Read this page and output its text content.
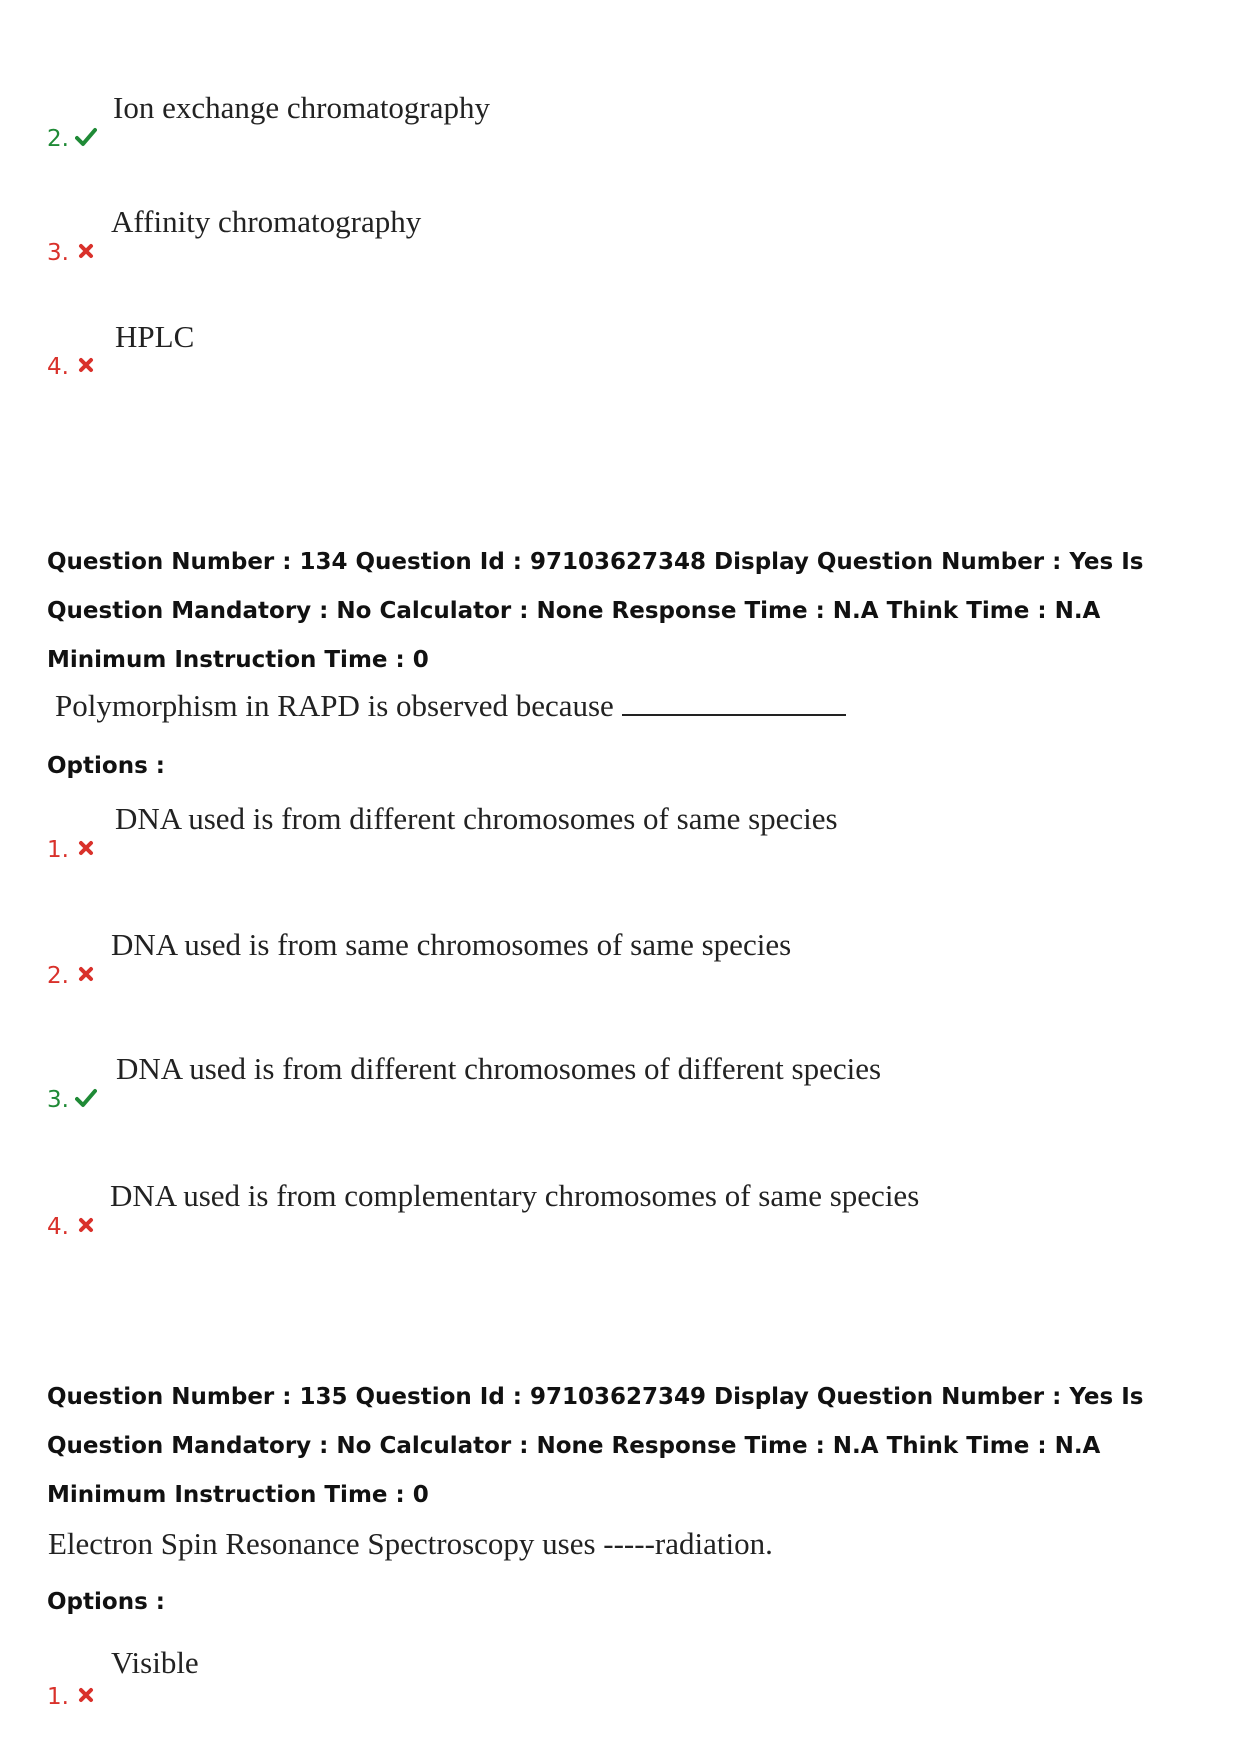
2.
Ion exchange chromatography
3.
Affinity chromatography
4.
HPLC
Question Number : 134 Question Id : 97103627348 Display Question Number : Yes Is Question Mandatory : No Calculator : None Response Time : N.A Think Time : N.A Minimum Instruction Time : 0
Polymorphism in RAPD is observed because
Options :
1.
DNA used is from different chromosomes of same species
2.
DNA used is from same chromosomes of same species
3.
DNA used is from different chromosomes of different species
4.
DNA used is from complementary chromosomes of same species
Question Number : 135 Question Id : 97103627349 Display Question Number : Yes Is Question Mandatory : No Calculator : None Response Time : N.A Think Time : N.A Minimum Instruction Time : 0
Electron Spin Resonance Spectroscopy uses -----radiation.
Options :
1.
Visible
